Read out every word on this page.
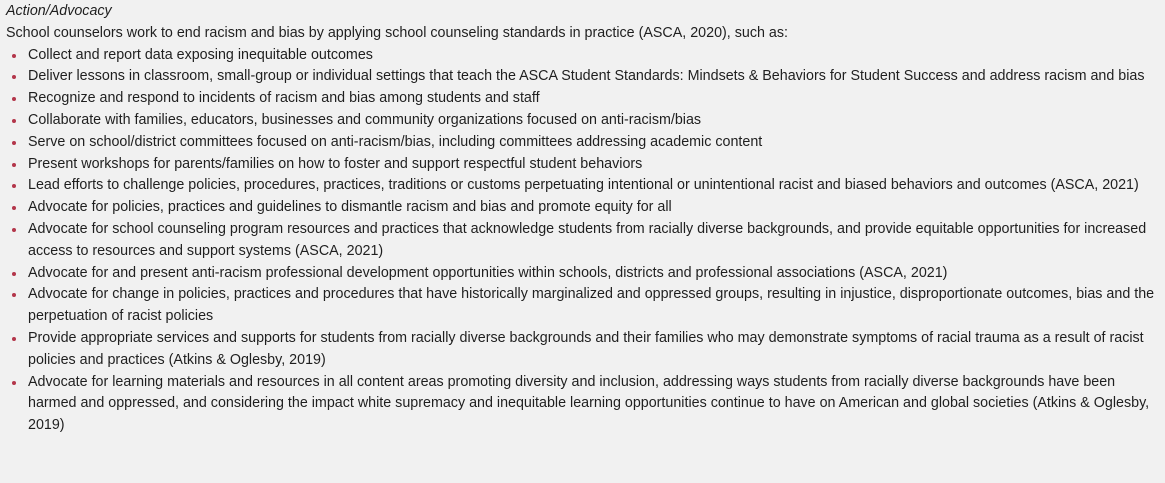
Action/Advocacy

School counselors work to end racism and bias by applying school counseling standards in practice (ASCA, 2020), such as:

Collect and report data exposing inequitable outcomes
Deliver lessons in classroom, small-group or individual settings that teach the ASCA Student Standards: Mindsets & Behaviors for Student Success and address racism and bias
Recognize and respond to incidents of racism and bias among students and staff
Collaborate with families, educators, businesses and community organizations focused on anti-racism/bias
Serve on school/district committees focused on anti-racism/bias, including committees addressing academic content
Present workshops for parents/families on how to foster and support respectful student behaviors
Lead efforts to challenge policies, procedures, practices, traditions or customs perpetuating intentional or unintentional racist and biased behaviors and outcomes (ASCA, 2021)
Advocate for policies, practices and guidelines to dismantle racism and bias and promote equity for all
Advocate for school counseling program resources and practices that acknowledge students from racially diverse backgrounds, and provide equitable opportunities for increased access to resources and support systems (ASCA, 2021)
Advocate for and present anti-racism professional development opportunities within schools, districts and professional associations (ASCA, 2021)
Advocate for change in policies, practices and procedures that have historically marginalized and oppressed groups, resulting in injustice, disproportionate outcomes, bias and the perpetuation of racist policies
Provide appropriate services and supports for students from racially diverse backgrounds and their families who may demonstrate symptoms of racial trauma as a result of racist policies and practices (Atkins & Oglesby, 2019)
Advocate for learning materials and resources in all content areas promoting diversity and inclusion, addressing ways students from racially diverse backgrounds have been harmed and oppressed, and considering the impact white supremacy and inequitable learning opportunities continue to have on American and global societies (Atkins & Oglesby, 2019)
